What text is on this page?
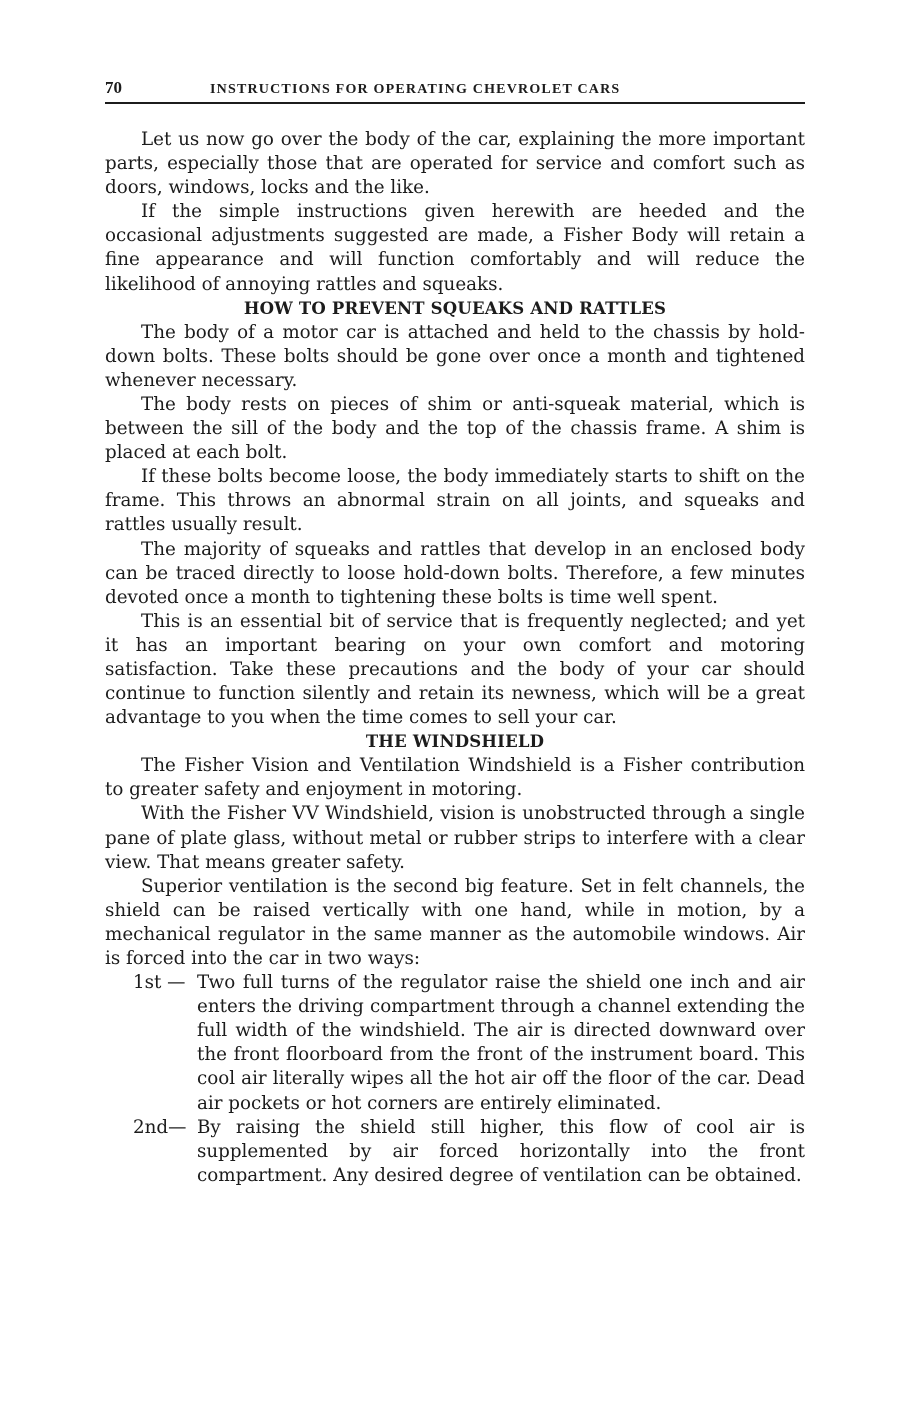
70	INSTRUCTIONS FOR OPERATING CHEVROLET CARS

Let us now go over the body of the car, explaining the more important parts, especially those that are operated for service and comfort such as doors, windows, locks and the like.

If the simple instructions given herewith are heeded and the occasional adjustments suggested are made, a Fisher Body will retain a fine appearance and will function comfortably and will reduce the likelihood of annoying rattles and squeaks.

HOW TO PREVENT SQUEAKS AND RATTLES

The body of a motor car is attached and held to the chassis by hold-down bolts. These bolts should be gone over once a month and tightened whenever necessary.

The body rests on pieces of shim or anti-squeak material, which is between the sill of the body and the top of the chassis frame. A shim is placed at each bolt.

If these bolts become loose, the body immediately starts to shift on the frame. This throws an abnormal strain on all joints, and squeaks and rattles usually result.

The majority of squeaks and rattles that develop in an enclosed body can be traced directly to loose hold-down bolts. Therefore, a few minutes devoted once a month to tightening these bolts is time well spent.

This is an essential bit of service that is frequently neglected; and yet it has an important bearing on your own comfort and motoring satisfaction. Take these precautions and the body of your car should continue to function silently and retain its newness, which will be a great advantage to you when the time comes to sell your car.

THE WINDSHIELD

The Fisher Vision and Ventilation Windshield is a Fisher contribution to greater safety and enjoyment in motoring.

With the Fisher VV Windshield, vision is unobstructed through a single pane of plate glass, without metal or rubber strips to interfere with a clear view. That means greater safety.

Superior ventilation is the second big feature. Set in felt channels, the shield can be raised vertically with one hand, while in motion, by a mechanical regulator in the same manner as the automobile windows. Air is forced into the car in two ways:

1st — Two full turns of the regulator raise the shield one inch and air enters the driving compartment through a channel extending the full width of the windshield. The air is directed downward over the front floorboard from the front of the instrument board. This cool air literally wipes all the hot air off the floor of the car. Dead air pockets or hot corners are entirely eliminated.
2nd— By raising the shield still higher, this flow of cool air is supplemented by air forced horizontally into the front compartment. Any desired degree of ventilation can be obtained.
